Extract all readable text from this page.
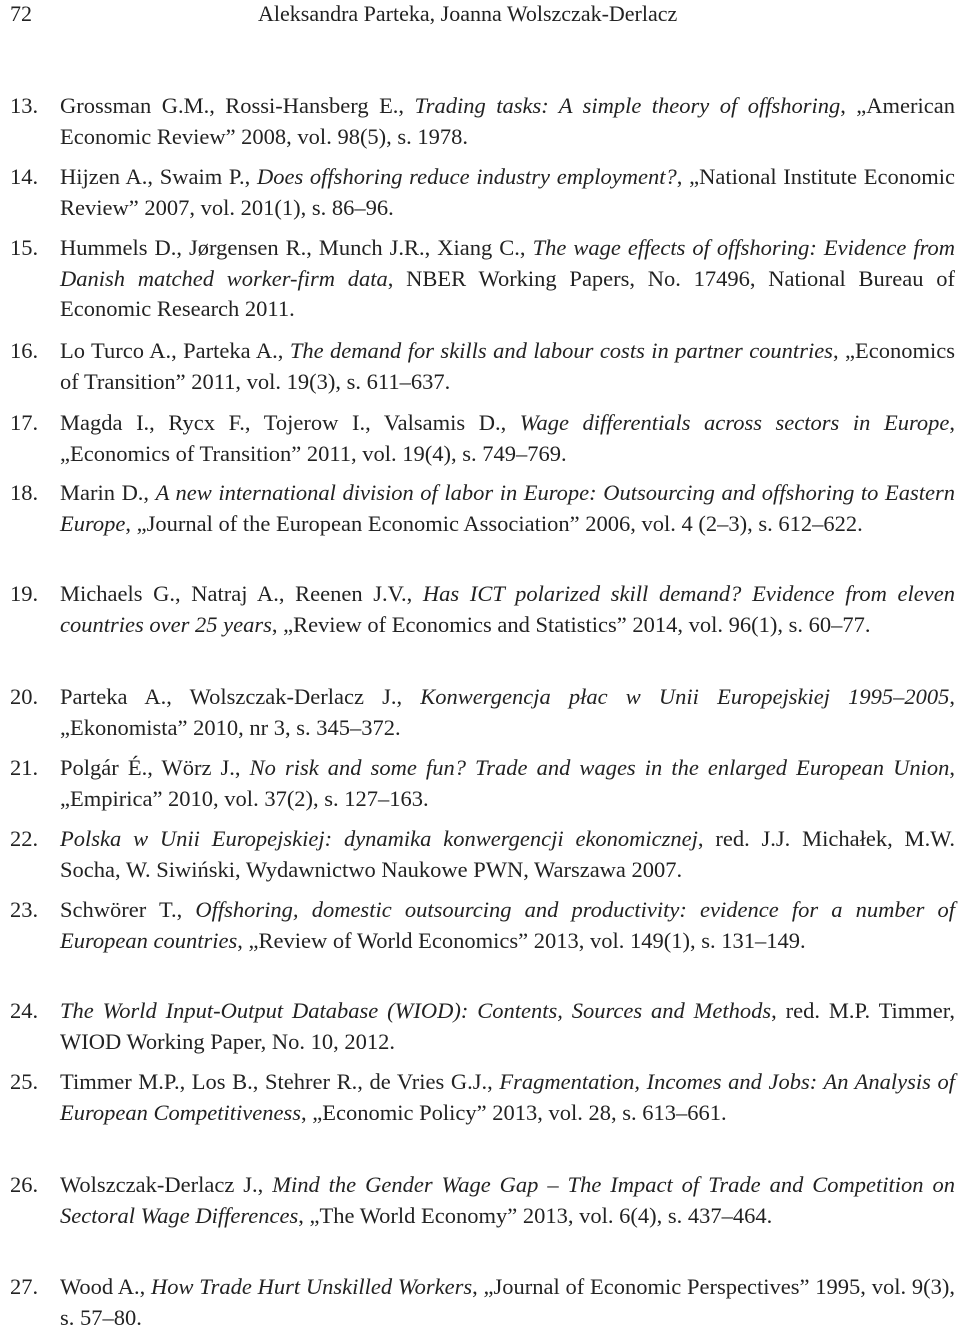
72	Aleksandra Parteka, Joanna Wolszczak-Derlacz
13. Grossman G.M., Rossi-Hansberg E., Trading tasks: A simple theory of offshoring, „American Economic Review” 2008, vol. 98(5), s. 1978.
14. Hijzen A., Swaim P., Does offshoring reduce industry employment?, „National Institute Economic Review” 2007, vol. 201(1), s. 86–96.
15. Hummels D., Jørgensen R., Munch J.R., Xiang C., The wage effects of offshoring: Evidence from Danish matched worker-firm data, NBER Working Papers, No. 17496, National Bureau of Economic Research 2011.
16. Lo Turco A., Parteka A., The demand for skills and labour costs in partner countries, „Economics of Transition” 2011, vol. 19(3), s. 611–637.
17. Magda I., Rycx F., Tojerow I., Valsamis D., Wage differentials across sectors in Europe, „Economics of Transition” 2011, vol. 19(4), s. 749–769.
18. Marin D., A new international division of labor in Europe: Outsourcing and offshoring to Eastern Europe, „Journal of the European Economic Association” 2006, vol. 4 (2–3), s. 612–622.
19. Michaels G., Natraj A., Reenen J.V., Has ICT polarized skill demand? Evidence from eleven countries over 25 years, „Review of Economics and Statistics” 2014, vol. 96(1), s. 60–77.
20. Parteka A., Wolszczak-Derlacz J., Konwergencja płac w Unii Europejskiej 1995–2005, „Ekonomista” 2010, nr 3, s. 345–372.
21. Polgár É., Wörz J., No risk and some fun? Trade and wages in the enlarged European Union, „Empirica” 2010, vol. 37(2), s. 127–163.
22. Polska w Unii Europejskiej: dynamika konwergencji ekonomicznej, red. J.J. Michałek, M.W. Socha, W. Siwiński, Wydawnictwo Naukowe PWN, Warszawa 2007.
23. Schwörer T., Offshoring, domestic outsourcing and productivity: evidence for a number of European countries, „Review of World Economics” 2013, vol. 149(1), s. 131–149.
24. The World Input-Output Database (WIOD): Contents, Sources and Methods, red. M.P. Timmer, WIOD Working Paper, No. 10, 2012.
25. Timmer M.P., Los B., Stehrer R., de Vries G.J., Fragmentation, Incomes and Jobs: An Analysis of European Competitiveness, „Economic Policy” 2013, vol. 28, s. 613–661.
26. Wolszczak-Derlacz J., Mind the Gender Wage Gap – The Impact of Trade and Competition on Sectoral Wage Differences, „The World Economy” 2013, vol. 6(4), s. 437–464.
27. Wood A., How Trade Hurt Unskilled Workers, „Journal of Economic Perspectives” 1995, vol. 9(3), s. 57–80.
